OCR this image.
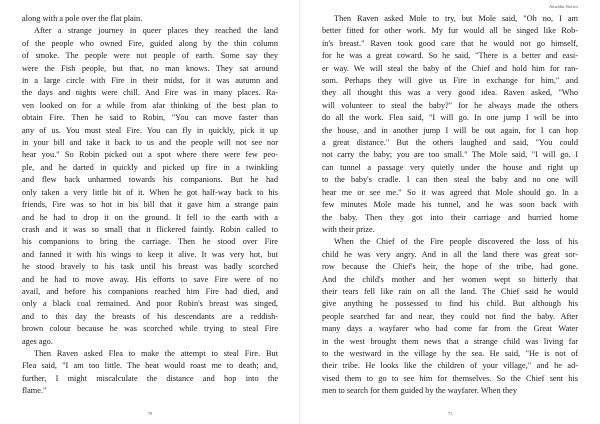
along with a pole over the flat plain.
After a strange journey in queer places they reached the land
of the people who owned Fire, guided along by the thin column
of smoke. The people were not people of earth. Some say they
were the Fish people, but that, no man knows. They sat around
in a large circle with Fire in their midst, for it was autumn and
the days and nights were chill. And Fire was in many places. Ra-
ven looked on for a while from afar thinking of the best plan to
obtain Fire. Then he said to Robin, "You can move faster than
any of us. You must steal Fire. You can fly in quickly, pick it up
in your bill and take it back to us and the people will not see nor
hear you." So Robin picked out a spot where there were few peo-
ple, and he darted in quickly and picked up fire in a twinkling
and flew back unharmed towards his companions. But he had
only taken a very little bit of it. When he got half-way back to his
friends, Fire was so hot in his bill that it gave him a strange pain
and he had to drop it on the ground. It fell to the earth with a
crash and it was so small that it flickered faintly. Robin called to
his companions to bring the carriage. Then he stood over Fire
and fanned it with his wings to keep it alive. It was very hot, but
he stood bravely to his task until his breast was badly scorched
and he had to move away. His efforts to save Fire were of no
avail, and before his companions reached him Fire had died, and
only a black coal remained. And poor Robin's breast was singed,
and to this day the breasts of his descendants are a reddish-
brown colour because he was scorched while trying to steal Fire
ages ago.
Then Raven asked Flea to make the attempt to steal Fire. But
Flea said, "I am too little. The heat would roast me to death; and,
further, I might miscalculate the distance and hop into the
flame."
70
Aivaldia Stories
Then Raven asked Mole to try, but Mole said, "Oh no, I am
better fitted for other work. My fur would all be singed like Rob-
in's breast." Raven took good care that he would not go himself,
for he was a great coward. So he said, "There is a better and easi-
er way. We will steal the baby of the Chief and hold him for ran-
som. Perhaps they will give us Fire in exchange for him," and
they all thought this was a very good idea. Raven asked, "Who
will volunteer to steal the baby?" for he always made the others
do all the work. Flea said, "I will go. In one jump I will be into
the house, and in another jump I will be out again, for I can hop
a great distance." But the others laughed and said, "You could
not carry the baby; you are too small." The Mole said, "I will go. I
can tunnel a passage very quietly under the house and right up
to the baby's cradle. I can then steal the baby and no one will
hear me or see me." So it was agreed that Mole should go. In a
few minutes Mole made his tunnel, and he was soon back with
the baby. Then they got into their carriage and hurried home
with their prize.
When the Chief of the Fire people discovered the loss of his
child he was very angry. And in all the land there was great sor-
row because the Chief's heir, the hope of the tribe, had gone.
And the child's mother and her women wept so bitterly that
their tears fell like rain on all the land. The Chief said he would
give anything he possessed to find his child. But although his
people searched far and near, they could not find the baby. After
many days a wayfarer who had come far from the Great Water
in the west brought them news that a strange child was living far
to the westward in the village by the sea. He said, "He is not of
their tribe. He looks like the children of your village," and he ad-
vised them to go to see him for themselves. So the Chief sent his
men to search for them guided by the wayfarer. When they
71
